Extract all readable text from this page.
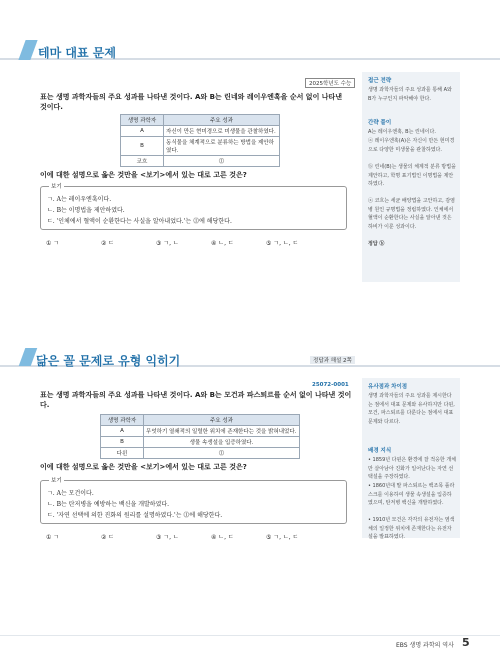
테마 대표 문제
2025학년도 수능
표는 생명 과학자들의 주요 성과를 나타낸 것이다. A와 B는 린네와 레이우엔훅을 순서 없이 나타낸 것이다.
생명 과학자	주요 성과
A	자신이 만든 현미경으로 미생물을 관찰하였다.
B	동식물을 체계적으로 분류하는 방법을 제안하였다.
코흐	⓵
이에 대한 설명으로 옳은 것만을 <보기>에서 있는 대로 고른 것은?
보기
ㄱ. A는 레이우엔훅이다.
ㄴ. B는 이명법을 제안하였다.
ㄷ. '인체에서 혈액이 순환한다는 사실을 알아내었다.'는 ⓵에 해당한다.
① ㄱ	② ㄷ	③ ㄱ, ㄴ	④ ㄴ, ㄷ	⑤ ㄱ, ㄴ, ㄷ
접근 전략
생명 과학자들의 주요 성과를 통해 A와 B가 누구인지 파악해야 한다.
간략 풀이
A는 레이우엔훅, B는 린네이다.
ⓐ 레이우엔훅(A)은 자신이 만든 현미경으로 다양한 미생물을 관찰하였다.
ⓑ 린네(B)는 생물의 체계적 분류 방법을 제안하고, 학명 표기법인 이명법을 제안하였다.
ⓧ 코흐는 세균 배양법을 고안하고, 감염병 원인 규명법을 정립하였다. 인체에서 혈액이 순환한다는 사실을 알아낸 것은 하비가 이룬 성과이다.
정답 ⓑ
닮은 꼴 문제로 유형 익히기	정답과 해설 2쪽
25072-0001
표는 생명 과학자들의 주요 성과를 나타낸 것이다. A와 B는 모건과 파스퇴르를 순서 없이 나타낸 것이다.
생명 과학자	주요 성과
A	무엇하기 열쇄적의 일렬한 위치에 존재한다는 것을 밝혀내었다.
B	생물 속생설을 입증하였다.
다윈	⓵
이에 대한 설명으로 옳은 것만을 <보기>에서 있는 대로 고른 것은?
보기
ㄱ. A는 모건이다.
ㄴ. B는 탄저병을 예방하는 백신을 개발하였다.
ㄷ. '자연 선택에 의한 진화의 원리를 설명하였다.'는 ⓵에 해당한다.
① ㄱ	② ㄷ	③ ㄱ, ㄴ	④ ㄴ, ㄷ	⑤ ㄱ, ㄴ, ㄷ
유사점과 차이점
생명 과학자들의 주요 성과를 제시한다는 점에서 대표 문제와 유사하지만 다윈, 모건, 파스퇴르를 다룬다는 점에서 대표 문제와 다르다.
배경 지식
• 1859년 다윈은 환경에 잘 적응한 개체만 살아남아 진화가 일어난다는 자연 선택설을 주장하였다.
• 1860년대 말 파스퇴르는 백조목 플라스크를 이용하여 생물 속생설을 입증하였으며, 탄저병 백신을 개발하였다.
• 1910년 모건은 각각의 유전자는 염색체의 일정한 위치에 존재한다는 유전자설을 발표하였다.
EBS 생명 과학의 역사 5
